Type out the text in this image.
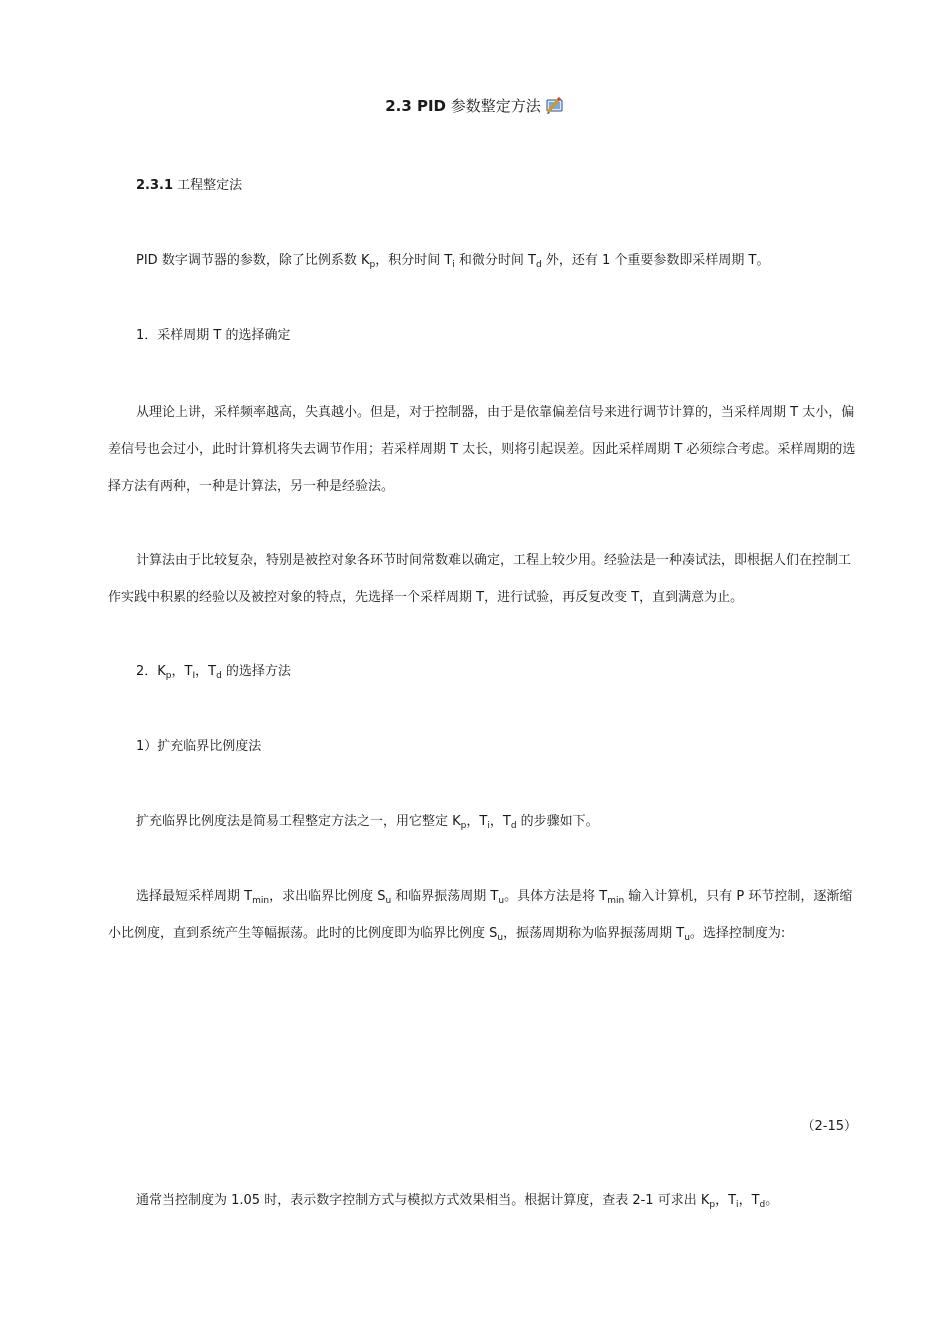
2.3 PID 参数整定方法
2.3.1 工程整定法
PID 数字调节器的参数，除了比例系数 $K_p$，积分时间 $T_i$ 和微分时间 $T_d$ 外，还有 1 个重要参数即采样周期 T。
1．采样周期 T 的选择确定
从理论上讲，采样频率越高，失真越小。但是，对于控制器，由于是依靠偏差信号来进行调节计算的，当采样周期 T 太小，偏差信号也会过小，此时计算机将失去调节作用；若采样周期 T 太长，则将引起误差。因此采样周期 T 必须综合考虑。采样周期的选择方法有两种，一种是计算法，另一种是经验法。
计算法由于比较复杂，特别是被控对象各环节时间常数难以确定，工程上较少用。经验法是一种凑试法，即根据人们在控制工作实践中积累的经验以及被控对象的特点，先选择一个采样周期 T，进行试验，再反复改变 T，直到满意为止。
2．$K_p$，$T_I$，$T_d$ 的选择方法
1）扩充临界比例度法
扩充临界比例度法是简易工程整定方法之一，用它整定 $K_p$，$T_i$，$T_d$ 的步骤如下。
选择最短采样周期 $T_{min}$，求出临界比例度 $S_u$ 和临界振荡周期 $T_u$。具体方法是将 $T_{min}$ 输入计算机，只有 P 环节控制，逐渐缩小比例度，直到系统产生等幅振荡。此时的比例度即为临界比例度 $S_u$，振荡周期称为临界振荡周期 $T_u$。选择控制度为:
（2-15）
通常当控制度为 1.05 时，表示数字控制方式与模拟方式效果相当。根据计算度，查表 2-1 可求出 $K_p$，$T_i$，$T_d$。
